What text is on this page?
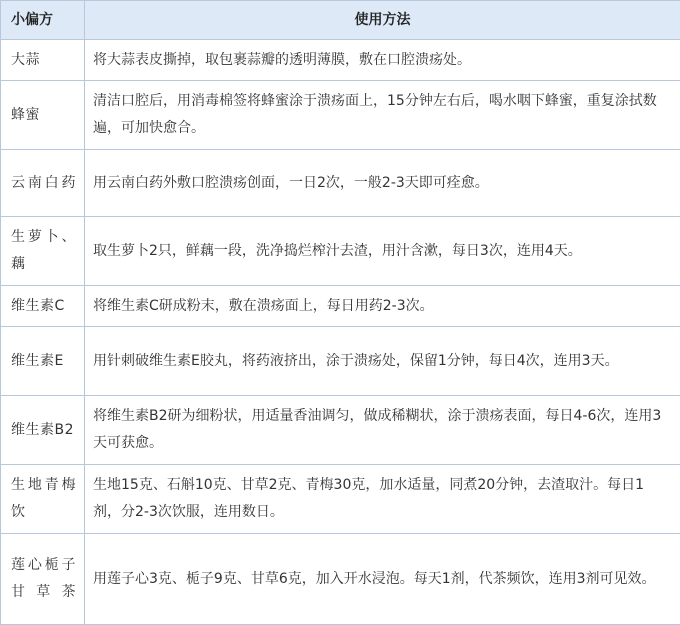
小偏方	使用方法
大蒜	将大蒜表皮撕掉，取包裹蒜瓣的透明薄膜，敷在口腔溃疡处。
蜂蜜	清洁口腔后，用消毒棉签将蜂蜜涂于溃疡面上，15分钟左右后，喝水咽下蜂蜜，重复涂拭数遍，可加快愈合。
云南白药	用云南白药外敷口腔溃疡创面，一日2次，一般2-3天即可痊愈。
生萝卜、藕	取生萝卜2只，鲜藕一段，洗净捣烂榨汁去渣，用汁含漱，每日3次，连用4天。
维生素C	将维生素C研成粉末，敷在溃疡面上，每日用药2-3次。
维生素E	用针刺破维生素E胶丸，将药液挤出，涂于溃疡处，保留1分钟，每日4次，连用3天。
维生素B2	将维生素B2研为细粉状，用适量香油调匀，做成稀糊状，涂于溃疡表面，每日4-6次，连用3天可获愈。
生地青梅饮	生地15克、石斛10克、甘草2克、青梅30克，加水适量，同煮20分钟，去渣取汁。每日1剂，分2-3次饮服，连用数日。
莲心栀子甘草茶	用莲子心3克、栀子9克、甘草6克，加入开水浸泡。每天1剂，代茶频饮，连用3剂可见效。
